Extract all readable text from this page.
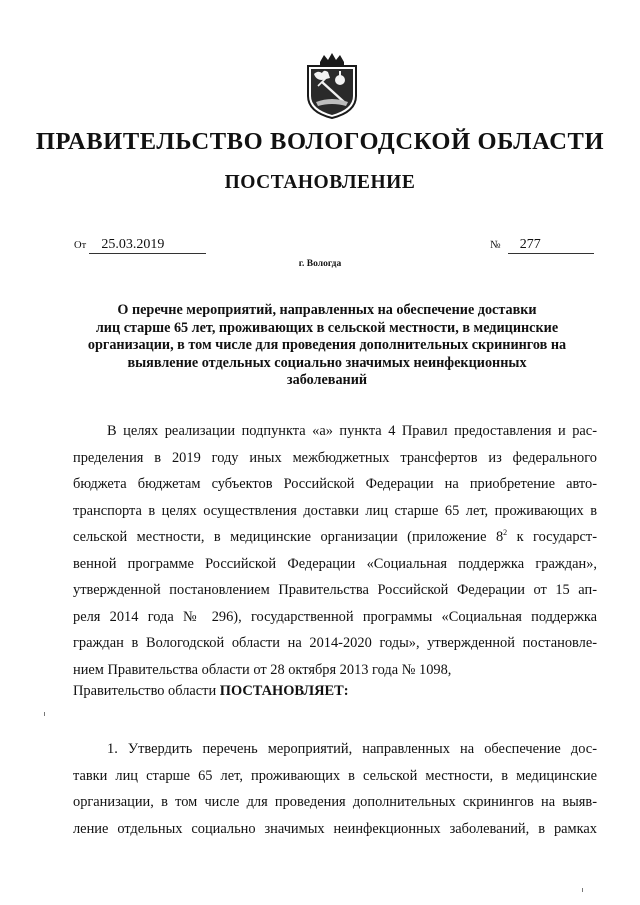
ПРАВИТЕЛЬСТВО ВОЛОГОДСКОЙ ОБЛАСТИ
ПОСТАНОВЛЕНИЕ
От 25.03.2019	№ 277
г. Вологда
О перечне мероприятий, направленных на обеспечение доставки
лиц старше 65 лет, проживающих в сельской местности, в медицинские
организации, в том числе для проведения дополнительных скринингов на
выявление отдельных социально значимых неинфекционных
заболеваний
В целях реализации подпункта «а» пункта 4 Правил предоставления и рас-
пределения в 2019 году иных межбюджетных трансфертов из федерального
бюджета бюджетам субъектов Российской Федерации на приобретение авто-
транспорта в целях осуществления доставки лиц старше 65 лет, проживающих в
сельской местности, в медицинские организации (приложение $8^2$ к государст-
венной программе Российской Федерации «Социальная поддержка граждан»,
утвержденной постановлением Правительства Российской Федерации от 15 ап-
реля 2014 года № 296), государственной программы «Социальная поддержка
граждан в Вологодской области на 2014-2020 годы», утвержденной постановле-
нием Правительства области от 28 октября 2013 года № 1098,
Правительство области ПОСТАНОВЛЯЕТ:
1. Утвердить перечень мероприятий, направленных на обеспечение дос-
тавки лиц старше 65 лет, проживающих в сельской местности, в медицинские
организации, в том числе для проведения дополнительных скринингов на выяв-
ление отдельных социально значимых неинфекционных заболеваний, в рамках
